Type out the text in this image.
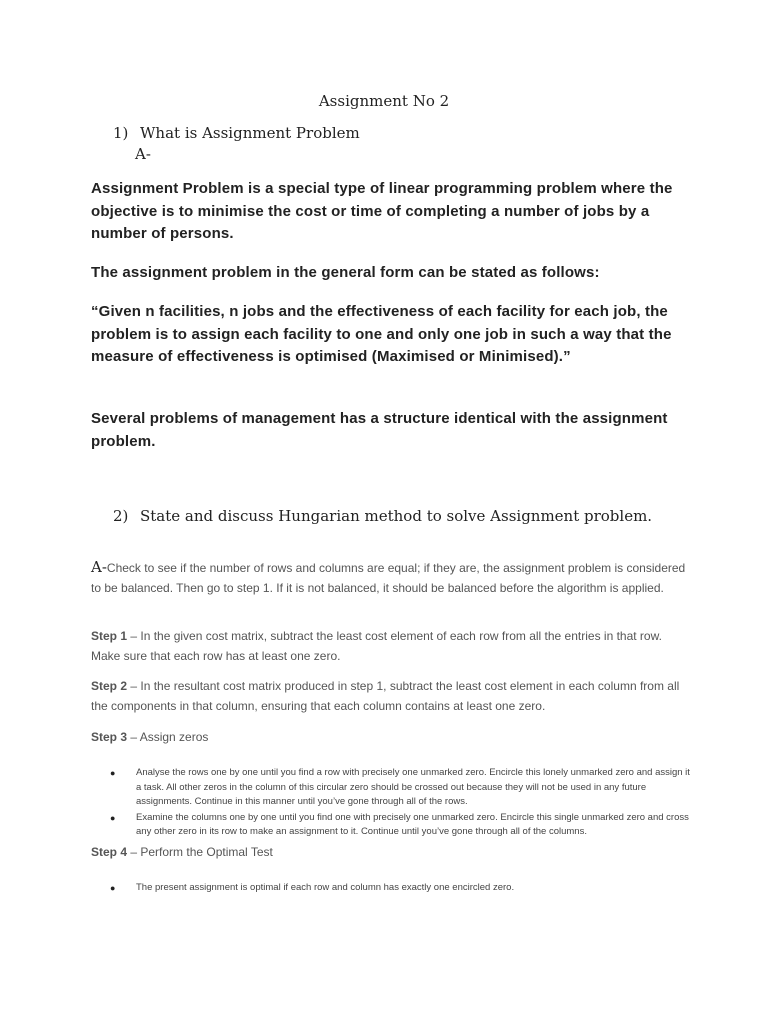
Assignment No 2

1) What is Assignment Problem

A-

Assignment Problem is a special type of linear programming problem where the objective is to minimise the cost or time of completing a number of jobs by a number of persons.

The assignment problem in the general form can be stated as follows:

“Given n facilities, n jobs and the effectiveness of each facility for each job, the problem is to assign each facility to one and only one job in such a way that the measure of effectiveness is optimised (Maximised or Minimised).”

Several problems of management has a structure identical with the assignment problem.

2) State and discuss Hungarian method to solve Assignment problem.

A-Check to see if the number of rows and columns are equal; if they are, the assignment problem is considered to be balanced. Then go to step 1. If it is not balanced, it should be balanced before the algorithm is applied.

Step 1 – In the given cost matrix, subtract the least cost element of each row from all the entries in that row. Make sure that each row has at least one zero.

Step 2 – In the resultant cost matrix produced in step 1, subtract the least cost element in each column from all the components in that column, ensuring that each column contains at least one zero.

Step 3 – Assign zeros

● Analyse the rows one by one until you find a row with precisely one unmarked zero. Encircle this lonely unmarked zero and assign it a task. All other zeros in the column of this circular zero should be crossed out because they will not be used in any future assignments. Continue in this manner until you’ve gone through all of the rows.
● Examine the columns one by one until you find one with precisely one unmarked zero. Encircle this single unmarked zero and cross any other zero in its row to make an assignment to it. Continue until you’ve gone through all of the columns.

Step 4 – Perform the Optimal Test

● The present assignment is optimal if each row and column has exactly one encircled zero.
